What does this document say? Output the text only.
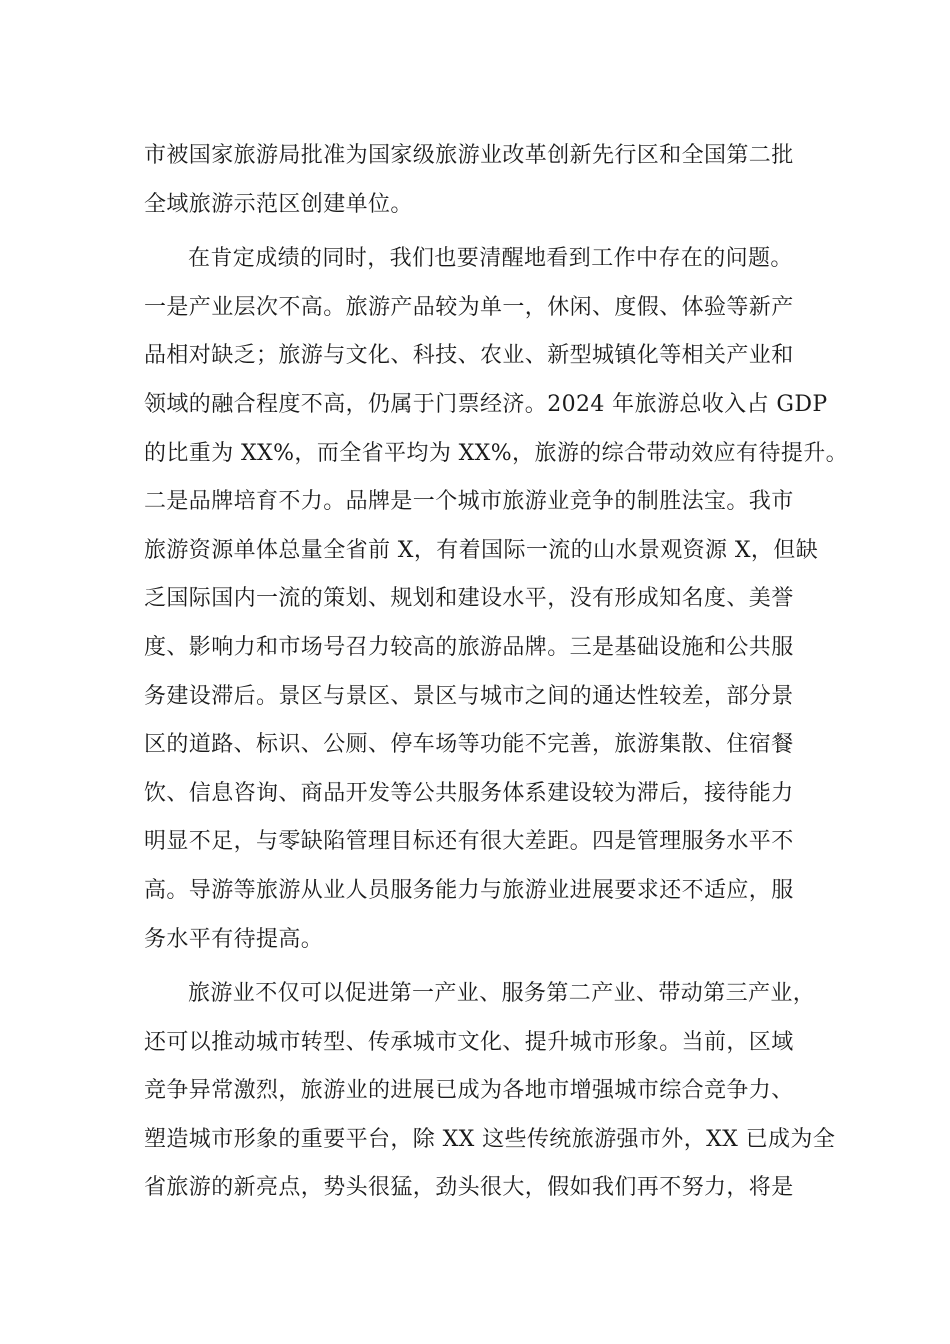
市被国家旅游局批准为国家级旅游业改革创新先行区和全国第二批
全域旅游示范区创建单位。
在肯定成绩的同时，我们也要清醒地看到工作中存在的问题。
一是产业层次不高。旅游产品较为单一，休闲、度假、体验等新产
品相对缺乏；旅游与文化、科技、农业、新型城镇化等相关产业和
领域的融合程度不高，仍属于门票经济。2024 年旅游总收入占 GDP
的比重为 XX%，而全省平均为 XX%，旅游的综合带动效应有待提升。
二是品牌培育不力。品牌是一个城市旅游业竞争的制胜法宝。我市
旅游资源单体总量全省前 X，有着国际一流的山水景观资源 X，但缺
乏国际国内一流的策划、规划和建设水平，没有形成知名度、美誉
度、影响力和市场号召力较高的旅游品牌。三是基础设施和公共服
务建设滞后。景区与景区、景区与城市之间的通达性较差，部分景
区的道路、标识、公厕、停车场等功能不完善，旅游集散、住宿餐
饮、信息咨询、商品开发等公共服务体系建设较为滞后，接待能力
明显不足，与零缺陷管理目标还有很大差距。四是管理服务水平不
高。导游等旅游从业人员服务能力与旅游业进展要求还不适应，服
务水平有待提高。
旅游业不仅可以促进第一产业、服务第二产业、带动第三产业，
还可以推动城市转型、传承城市文化、提升城市形象。当前，区域
竞争异常激烈，旅游业的进展已成为各地市增强城市综合竞争力、
塑造城市形象的重要平台，除 XX 这些传统旅游强市外，XX 已成为全
省旅游的新亮点，势头很猛，劲头很大，假如我们再不努力，将是
